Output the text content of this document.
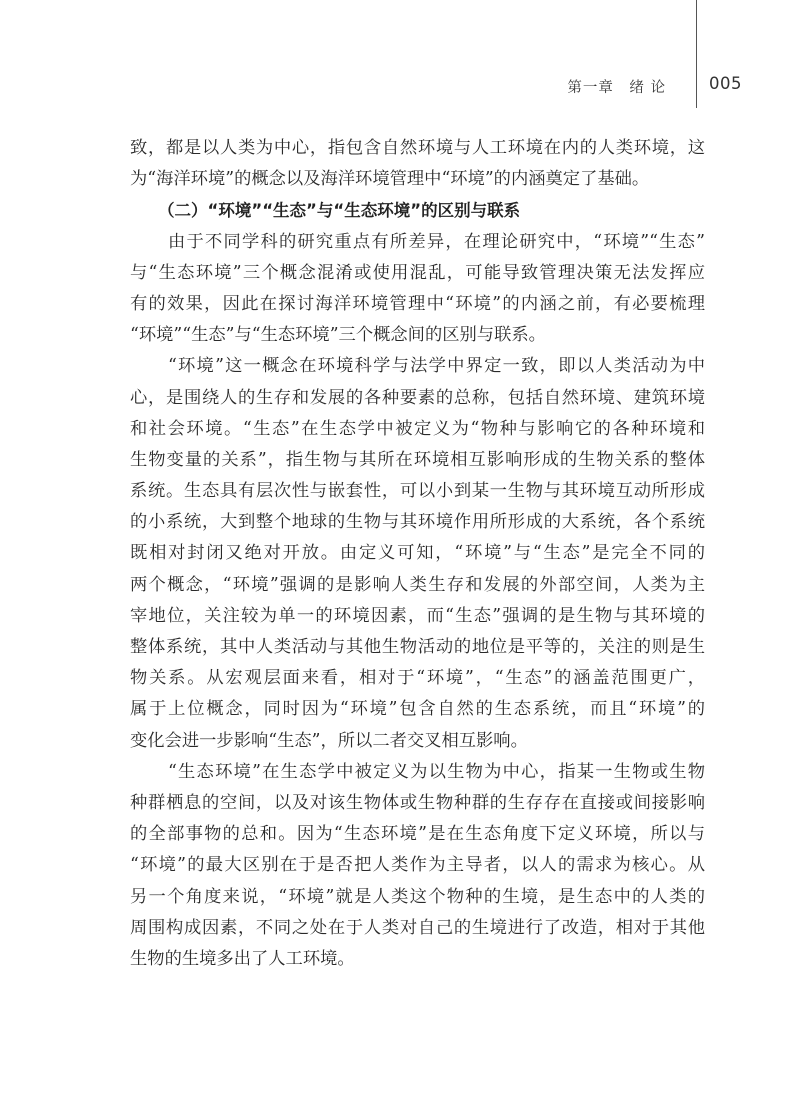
第一章　绪 论	005
致，都是以人类为中心，指包含自然环境与人工环境在内的人类环境，这
为“海洋环境”的概念以及海洋环境管理中“环境”的内涵奠定了基础。
（二）“环境”“生态”与“生态环境”的区别与联系
由于不同学科的研究重点有所差异，在理论研究中，“环境”“生态”
与“生态环境”三个概念混淆或使用混乱，可能导致管理决策无法发挥应
有的效果，因此在探讨海洋环境管理中“环境”的内涵之前，有必要梳理
“环境”“生态”与“生态环境”三个概念间的区别与联系。
“环境”这一概念在环境科学与法学中界定一致，即以人类活动为中
心，是围绕人的生存和发展的各种要素的总称，包括自然环境、建筑环境
和社会环境。“生态”在生态学中被定义为“物种与影响它的各种环境和
生物变量的关系”，指生物与其所在环境相互影响形成的生物关系的整体
系统。生态具有层次性与嵌套性，可以小到某一生物与其环境互动所形成
的小系统，大到整个地球的生物与其环境作用所形成的大系统，各个系统
既相对封闭又绝对开放。由定义可知，“环境”与“生态”是完全不同的
两个概念，“环境”强调的是影响人类生存和发展的外部空间，人类为主
宰地位，关注较为单一的环境因素，而“生态”强调的是生物与其环境的
整体系统，其中人类活动与其他生物活动的地位是平等的，关注的则是生
物关系。从宏观层面来看，相对于“环境”，“生态”的涵盖范围更广，
属于上位概念，同时因为“环境”包含自然的生态系统，而且“环境”的
变化会进一步影响“生态”，所以二者交叉相互影响。
“生态环境”在生态学中被定义为以生物为中心，指某一生物或生物
种群栖息的空间，以及对该生物体或生物种群的生存存在直接或间接影响
的全部事物的总和。因为“生态环境”是在生态角度下定义环境，所以与
“环境”的最大区别在于是否把人类作为主导者，以人的需求为核心。从
另一个角度来说，“环境”就是人类这个物种的生境，是生态中的人类的
周围构成因素，不同之处在于人类对自己的生境进行了改造，相对于其他
生物的生境多出了人工环境。
